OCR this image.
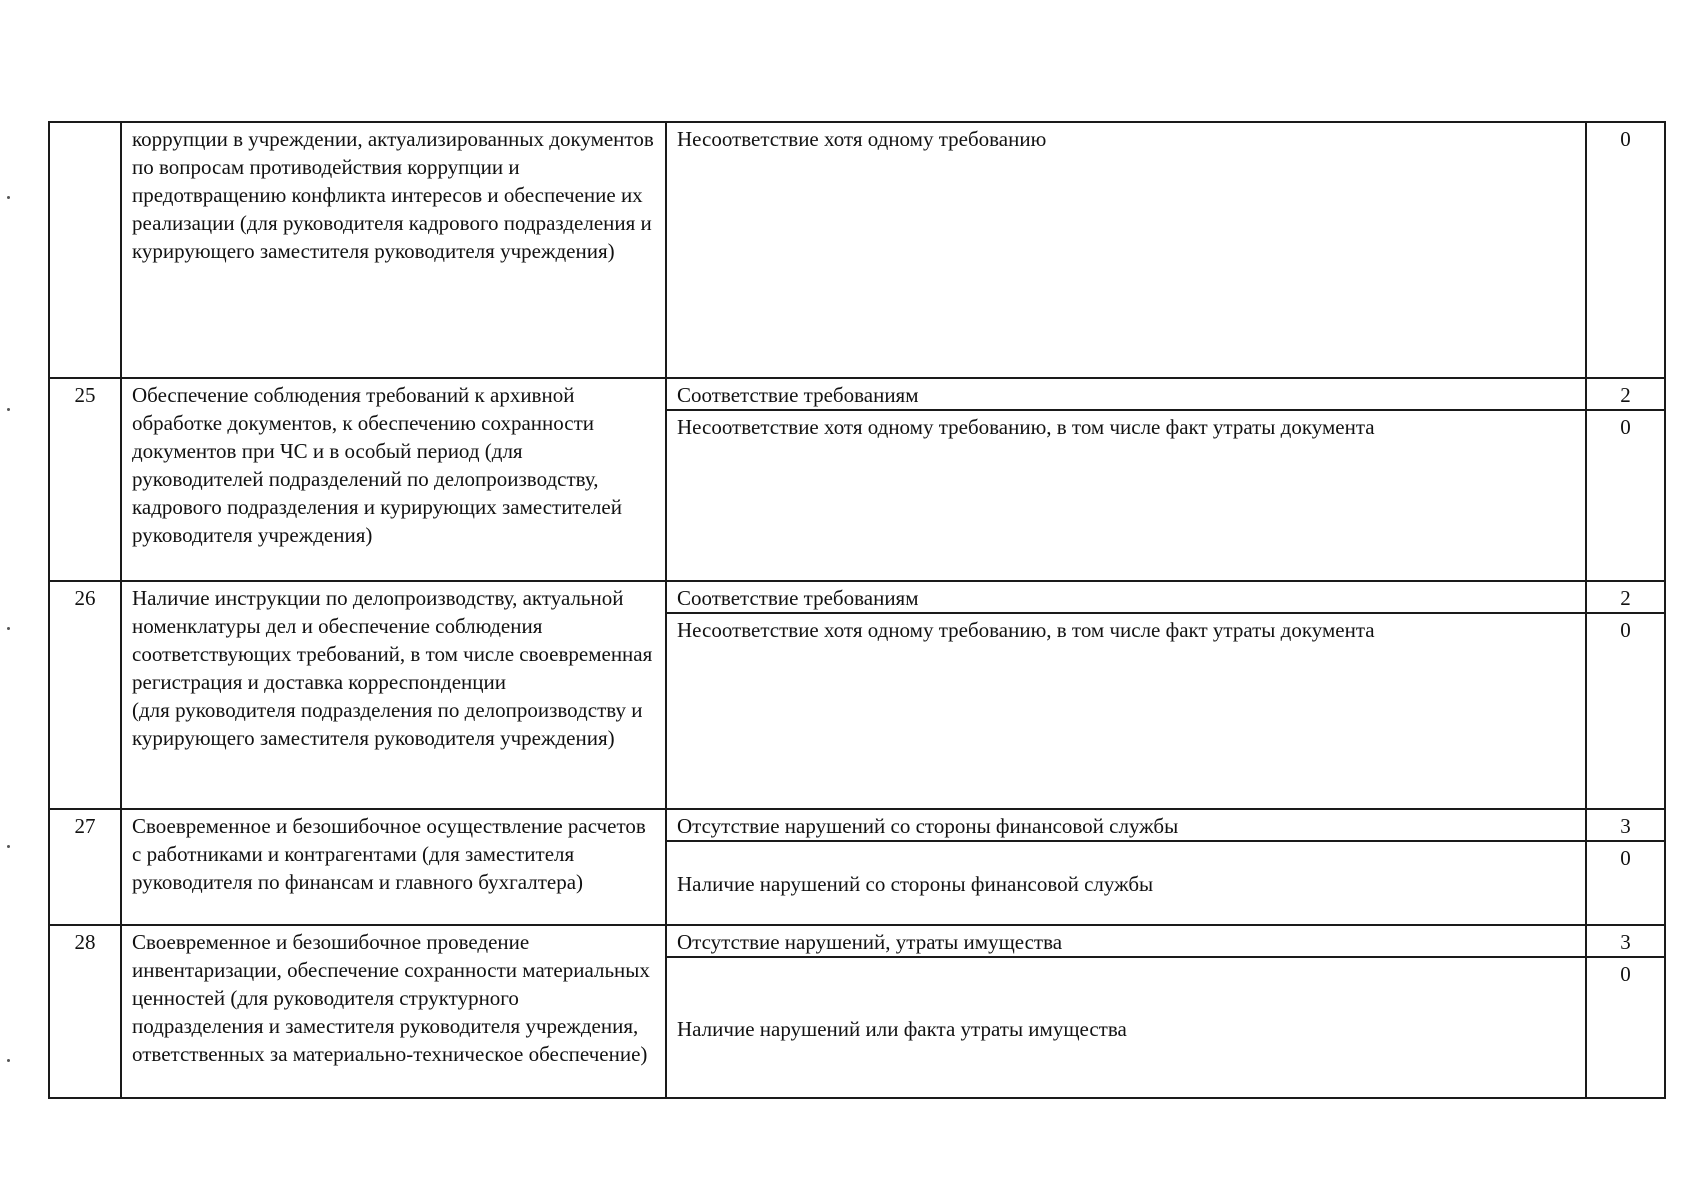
	коррупции в учреждении, актуализированных документов по вопросам противодействия коррупции и предотвращению конфликта интересов и обеспечение их реализации (для руководителя кадрового подразделения и курирующего заместителя руководителя учреждения)	Несоответствие хотя одному требованию	0
25	Обеспечение соблюдения требований к архивной обработке документов, к обеспечению сохранности документов при ЧС и в особый период (для руководителей подразделений по делопроизводству, кадрового подразделения и курирующих заместителей руководителя учреждения)	Соответствие требованиям	2
		Несоответствие хотя одному требованию, в том числе факт утраты документа	0
26	Наличие инструкции по делопроизводству, актуальной номенклатуры дел и обеспечение соблюдения соответствующих требований, в том числе своевременная регистрация и доставка корреспонденции
(для руководителя подразделения по делопроизводству и курирующего заместителя руководителя учреждения)	Соответствие требованиям	2
		Несоответствие хотя одному требованию, в том числе факт утраты документа	0
27	Своевременное и безошибочное осуществление расчетов с работниками и контрагентами (для заместителя руководителя по финансам и главного бухгалтера)	Отсутствие нарушений со стороны финансовой службы	3
		Наличие нарушений со стороны финансовой службы	0
28	Своевременное и безошибочное проведение инвентаризации, обеспечение сохранности материальных ценностей (для руководителя структурного подразделения и заместителя руководителя учреждения, ответственных за материально-техническое обеспечение)	Отсутствие нарушений, утраты имущества	3
		Наличие нарушений или факта утраты имущества	0
